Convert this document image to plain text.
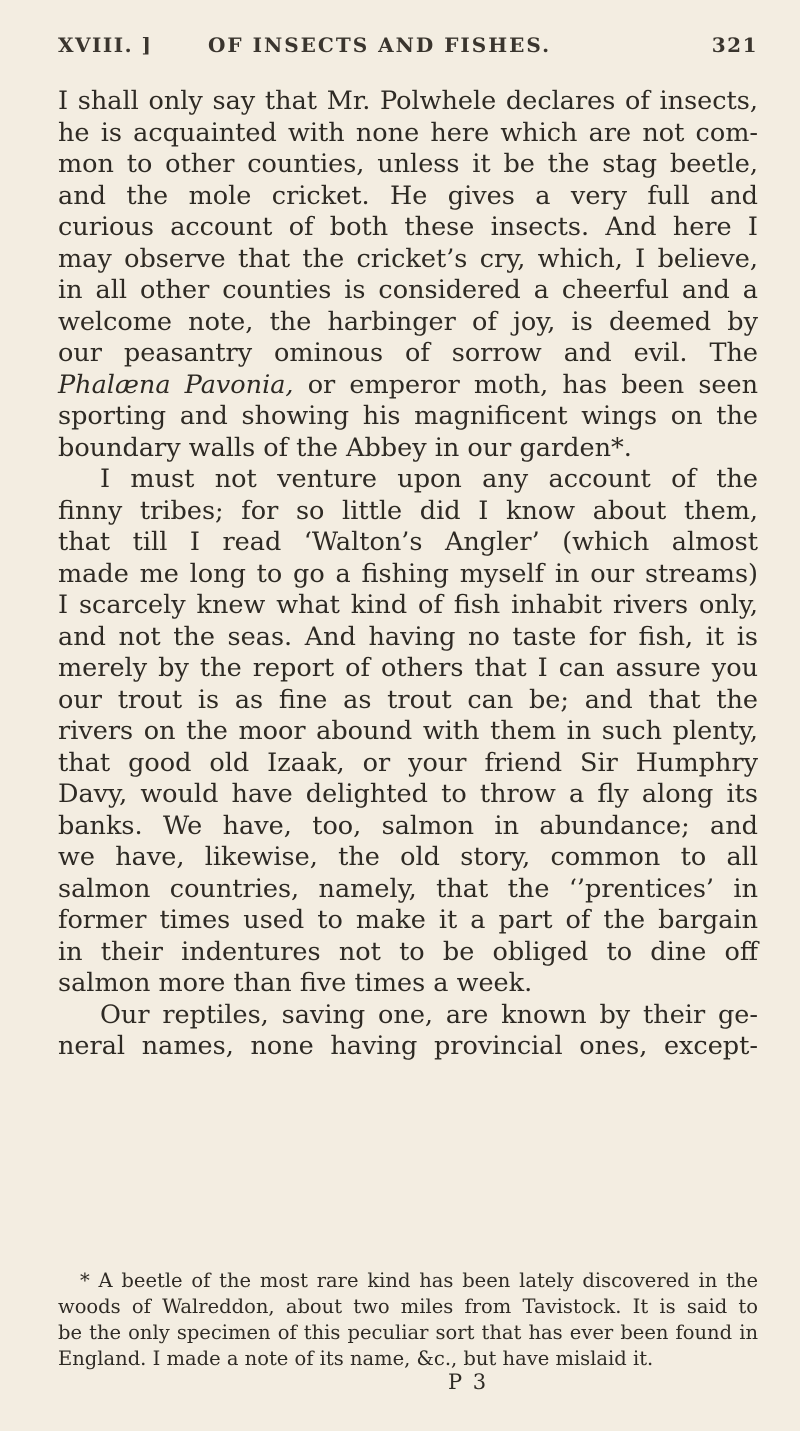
XVIII. ]	OF INSECTS AND FISHES.	321

I shall only say that Mr. Polwhele declares of insects,

he is acquainted with none here which are not com-

mon to other counties, unless it be the stag beetle,

and the mole cricket. He gives a very full and

curious account of both these insects. And here I

may observe that the cricket’s cry, which, I believe,

in all other counties is considered a cheerful and a

welcome note, the harbinger of joy, is deemed by

our peasantry ominous of sorrow and evil. The

Phalæna Pavonia, or emperor moth, has been seen

sporting and showing his magnificent wings on the

boundary walls of the Abbey in our garden*.

I must not venture upon any account of the

finny tribes; for so little did I know about them,

that till I read ‘Walton’s Angler’ (which almost

made me long to go a fishing myself in our streams)

I scarcely knew what kind of fish inhabit rivers only,

and not the seas. And having no taste for fish, it is

merely by the report of others that I can assure you

our trout is as fine as trout can be; and that the

rivers on the moor abound with them in such plenty,

that good old Izaak, or your friend Sir Humphry

Davy, would have delighted to throw a fly along its

banks. We have, too, salmon in abundance; and

we have, likewise, the old story, common to all

salmon countries, namely, that the ‘’prentices’ in

former times used to make it a part of the bargain

in their indentures not to be obliged to dine off

salmon more than five times a week.

Our reptiles, saving one, are known by their ge-

neral names, none having provincial ones, except-

* A beetle of the most rare kind has been lately discovered in the
woods of Walreddon, about two miles from Tavistock. It is said to
be the only specimen of this peculiar sort that has ever been found in
England. I made a note of its name, &c., but have mislaid it.
P 3
